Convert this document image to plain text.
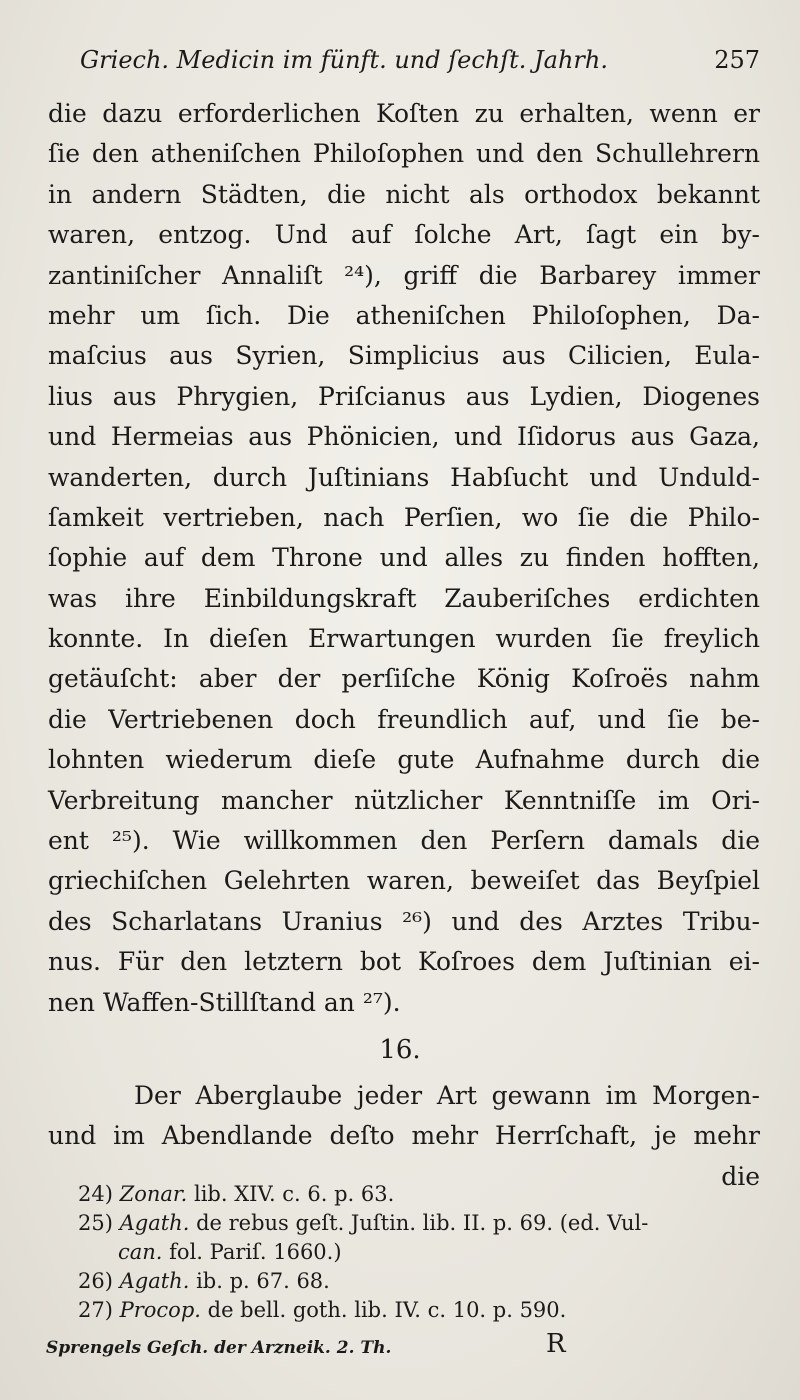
Griech. Medicin im fünft. und ſechſt. Jahrh.	257
die dazu erforderlichen Koſten zu erhalten, wenn er
ſie den atheniſchen Philoſophen und den Schullehrern
in andern Städten, die nicht als orthodox bekannt
waren, entzog. Und auf ſolche Art, ſagt ein by-
zantiniſcher Annaliſt ²⁴), griff die Barbarey immer
mehr um ſich. Die atheniſchen Philoſophen, Da-
maſcius aus Syrien, Simplicius aus Cilicien, Eula-
lius aus Phrygien, Priſcianus aus Lydien, Diogenes
und Hermeias aus Phönicien, und Iſidorus aus Gaza,
wanderten, durch Juſtinians Habſucht und Unduld-
ſamkeit vertrieben, nach Perſien, wo ſie die Philo-
ſophie auf dem Throne und alles zu finden hofften,
was ihre Einbildungskraft Zauberiſches erdichten
konnte. In dieſen Erwartungen wurden ſie freylich
getäuſcht: aber der perſiſche König Koſroës nahm
die Vertriebenen doch freundlich auf, und ſie be-
lohnten wiederum dieſe gute Aufnahme durch die
Verbreitung mancher nützlicher Kenntniſſe im Ori-
ent ²⁵). Wie willkommen den Perſern damals die
griechiſchen Gelehrten waren, beweiſet das Beyſpiel
des Scharlatans Uranius ²⁶) und des Arztes Tribu-
nus. Für den letztern bot Koſroes dem Juſtinian ei-
nen Waffen-Stillſtand an ²⁷).
16.
Der Aberglaube jeder Art gewann im Morgen-
und im Abendlande deſto mehr Herrſchaft, je mehr
die
24) Zonar. lib. XIV. c. 6. p. 63.
25) Agath. de rebus geſt. Juſtin. lib. II. p. 69. (ed. Vul-
can. fol. Pariſ. 1660.)
26) Agath. ib. p. 67. 68.
27) Procop. de bell. goth. lib. IV. c. 10. p. 590.
Sprengels Geſch. der Arzneik. 2. Th.	R
